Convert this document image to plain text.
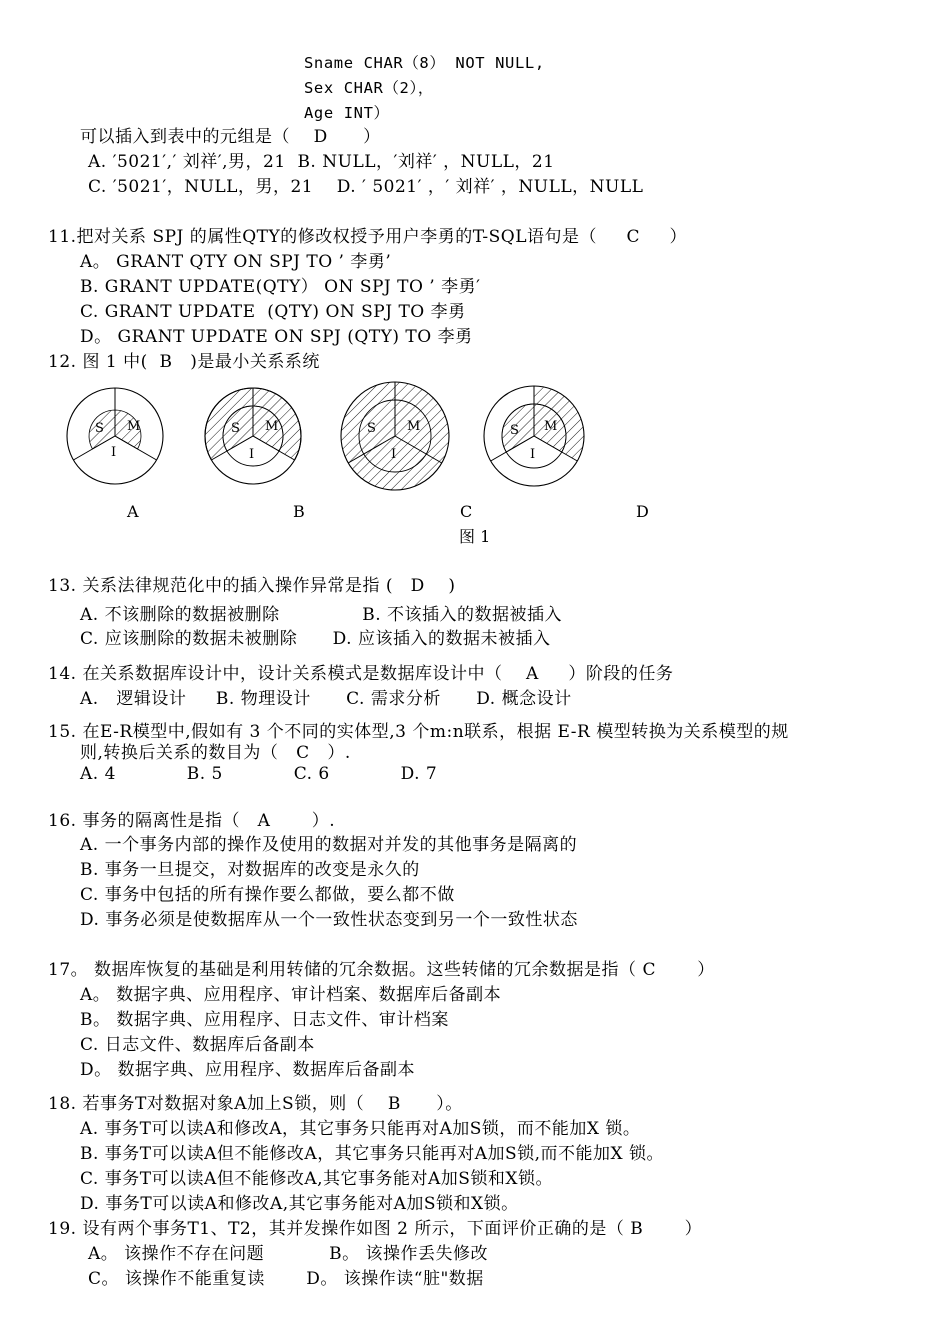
Sname CHAR（8） NOT NULL,
Sex CHAR（2），
Age INT）
可以插入到表中的元组是（    D      ）
A. ′5021′,′ 刘祥′,男，21  B. NULL，′刘祥′ ，NULL，21
C. ′5021′，NULL，男，21    D. ′ 5021′ ，′ 刘祥′ ，NULL，NULL
11.把对关系 SPJ 的属性QTY的修改权授予用户李勇的T-SQL语句是（     C     ）
A。 GRANT QTY ON SPJ TO ’ 李勇’
B. GRANT UPDATE(QTY） ON SPJ TO ’ 李勇′
C. GRANT UPDATE  (QTY) ON SPJ TO 李勇
D。 GRANT UPDATE ON SPJ (QTY) TO 李勇
12. 图 1 中(  B   )是最小关系系统
S M
I
S M
I
S M
I
S M
I
A	B	C	D
图 1
13. 关系法律规范化中的插入操作异常是指 (   D    )
A. 不该删除的数据被删除              B. 不该插入的数据被插入
C. 应该删除的数据未被删除      D. 应该插入的数据未被插入
14. 在关系数据库设计中，设计关系模式是数据库设计中（    A     ）阶段的任务
A.   逻辑设计     B. 物理设计      C. 需求分析      D. 概念设计
15. 在E-R模型中,假如有 3 个不同的实体型,3 个m:n联系，根据 E-R 模型转换为关系模型的规
则,转换后关系的数目为（   C   ）.
A. 4            B. 5            C. 6            D. 7
16. 事务的隔离性是指（   A       ）.
A. 一个事务内部的操作及使用的数据对并发的其他事务是隔离的
B. 事务一旦提交，对数据库的改变是永久的
C. 事务中包括的所有操作要么都做，要么都不做
D. 事务必须是使数据库从一个一致性状态变到另一个一致性状态
17。 数据库恢复的基础是利用转储的冗余数据。这些转储的冗余数据是指（ C       ）
A。 数据字典、应用程序、审计档案、数据库后备副本
B。 数据字典、应用程序、日志文件、审计档案
C. 日志文件、数据库后备副本
D。 数据字典、应用程序、数据库后备副本
18. 若事务T对数据对象A加上S锁，则（    B      ）。
A. 事务T可以读A和修改A，其它事务只能再对A加S锁，而不能加X 锁。
B. 事务T可以读A但不能修改A，其它事务只能再对A加S锁,而不能加X 锁。
C. 事务T可以读A但不能修改A,其它事务能对A加S锁和X锁。
D. 事务T可以读A和修改A,其它事务能对A加S锁和X锁。
19. 设有两个事务T1、T2，其并发操作如图 2 所示，下面评价正确的是（ B       ）
A。 该操作不存在问题           B。 该操作丢失修改
C。 该操作不能重复读       D。 该操作读“脏"数据
